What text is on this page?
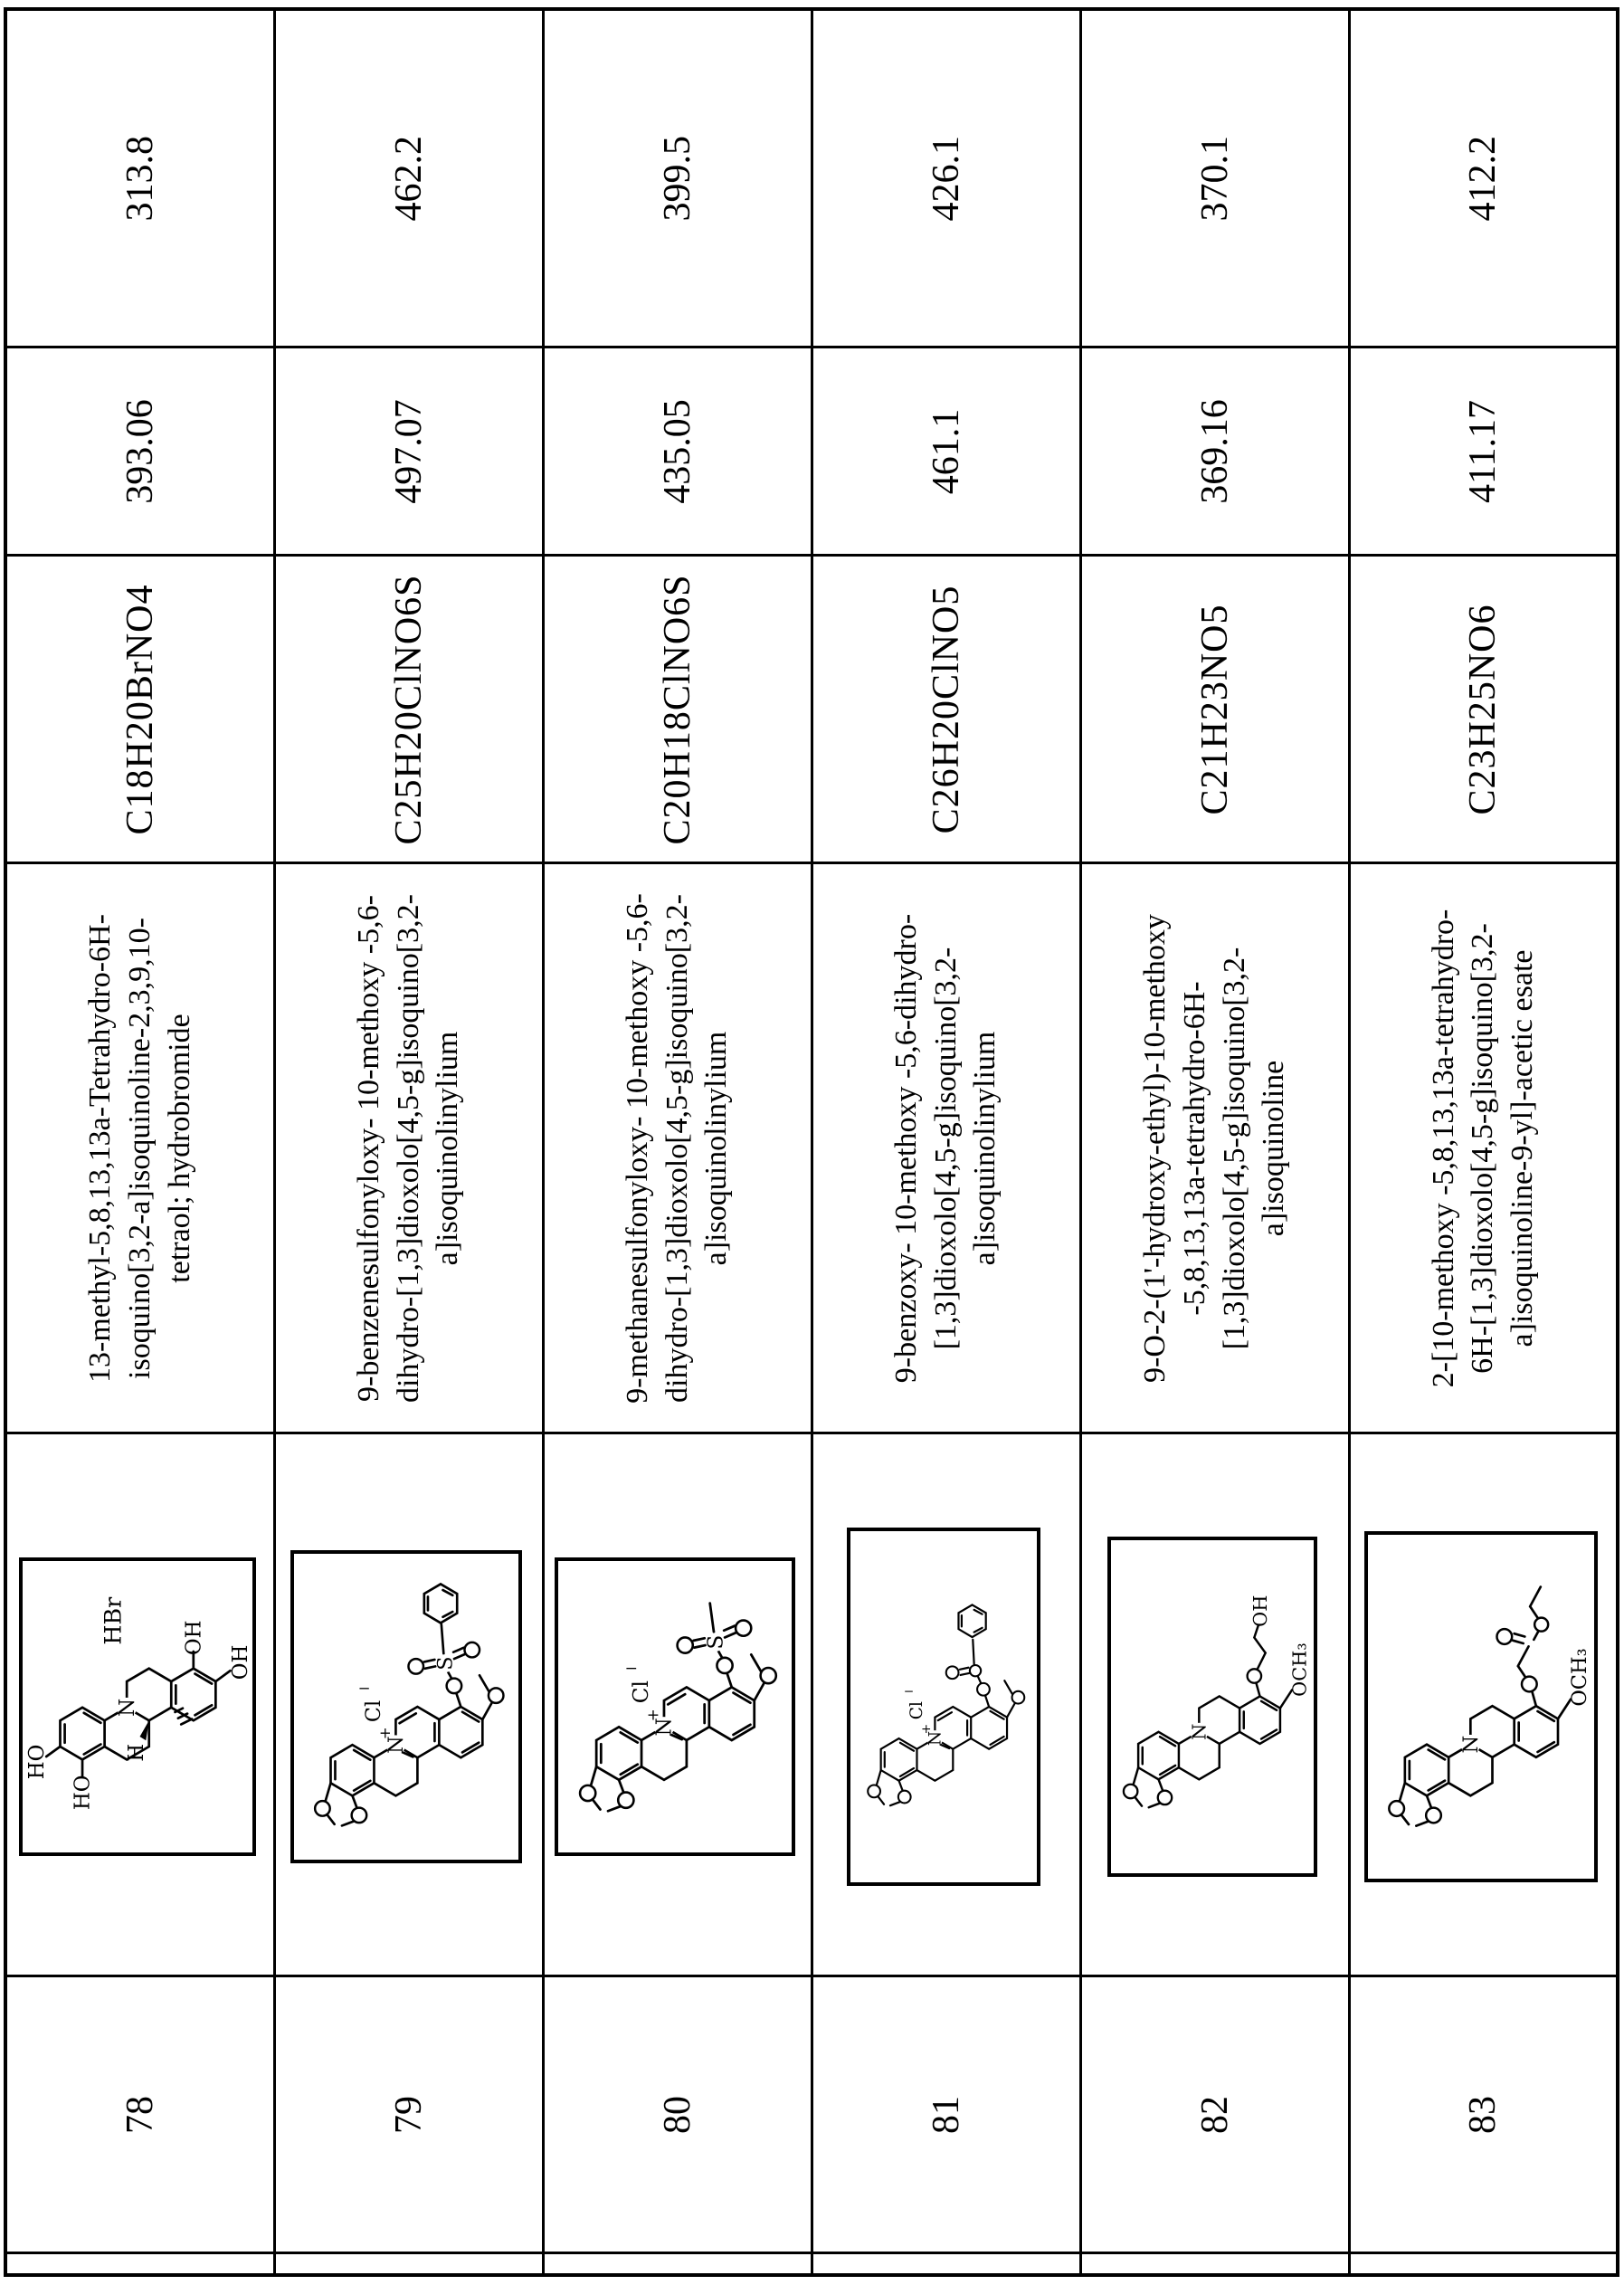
	78		13-methyl-5,8,13,13a-Tetrahydro-6H-isoquino[3,2-a]isoquinoline-2,3,9,10-tetraol; hydrobromide	C18H20BrNO4	393.06	313.8
	79		9-benzenesulfonyloxy- 10-methoxy -5,6-dihydro-[1,3]dioxolo[4,5-g]isoquino[3,2-a]isoquinolinylium	C25H20ClNO6S	497.07	462.2
	80		9-methanesulfonyloxy- 10-methoxy -5,6-dihydro-[1,3]dioxolo[4,5-g]isoquino[3,2-a]isoquinolinylium	C20H18ClNO6S	435.05	399.5
	81		9-benzoxy- 10-methoxy -5,6-dihydro-[1,3]dioxolo[4,5-g]isoquino[3,2-a]isoquinolinylium	C26H20ClNO5	461.1	426.1
	82		9-O-2-(1'-hydroxy-ethyl)-10-methoxy -5,8,13,13a-tetrahydro-6H-[1,3]dioxolo[4,5-g]isoquino[3,2-a]isoquinoline	C21H23NO5	369.16	370.1
	83		2-[10-methoxy -5,8,13,13a-tetrahydro-6H-[1,3]dioxolo[4,5-g]isoquino[3,2-a]isoquinoline-9-yl]-acetic esate	C23H25NO6	411.17	412.2
N
HBr
H
OH
OH
HO
HO
N
+
Cl
−
S
N
+
Cl
−
S
N
+
Cl
−
N
OH
OCH₃
N
OCH₃
